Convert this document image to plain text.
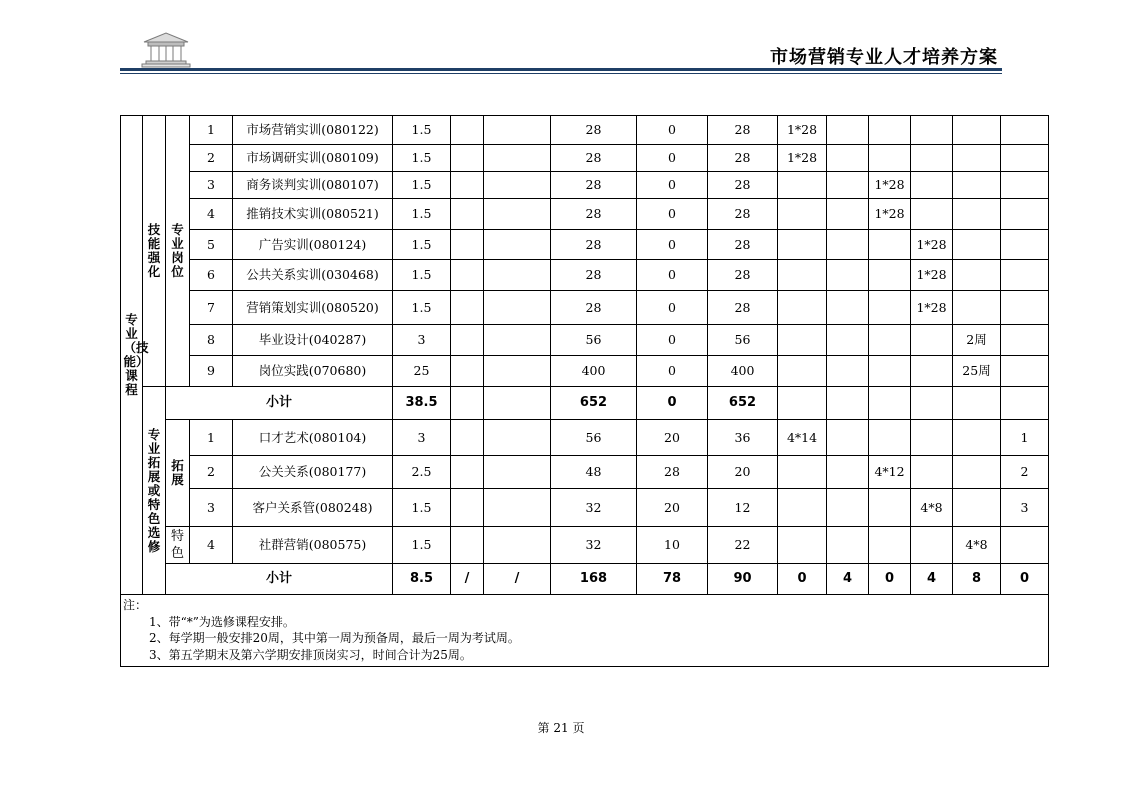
市场营销专业人才培养方案
专业（技能）课程	技能强化	专业岗位	1	市场营销实训(080122)	1.5			28	0	28	1*28					
			2	市场调研实训(080109)	1.5			28	0	28	1*28					
			3	商务谈判实训(080107)	1.5			28	0	28			1*28			
			4	推销技术实训(080521)	1.5			28	0	28			1*28			
			5	广告实训(080124)	1.5			28	0	28				1*28		
			6	公共关系实训(030468)	1.5			28	0	28				1*28		
			7	营销策划实训(080520)	1.5			28	0	28				1*28		
			8	毕业设计(040287)	3			56	0	56					2周	
			9	岗位实践(070680)	25			400	0	400					25周	

	专业拓展或特色选修	小计			38.5			652	0	652						

		拓展	1	口才艺术(080104)	3			56	20	36	4*14					1
			2	公关关系(080177)	2.5			48	28	20			4*12			2
			3	客户关系管(080248)	1.5			32	20	12				4*8		3

		特色	4	社群营销(080575)	1.5			32	10	22					4*8	
		小计			8.5	/	/	168	78	90	0	4	0	4	8	0

注：
1、带“*”为选修课程安排。
2、每学期一般安排20周，其中第一周为预备周，最后一周为考试周。
3、第五学期末及第六学期安排顶岗实习，时间合计为25周。																
第 21 页
